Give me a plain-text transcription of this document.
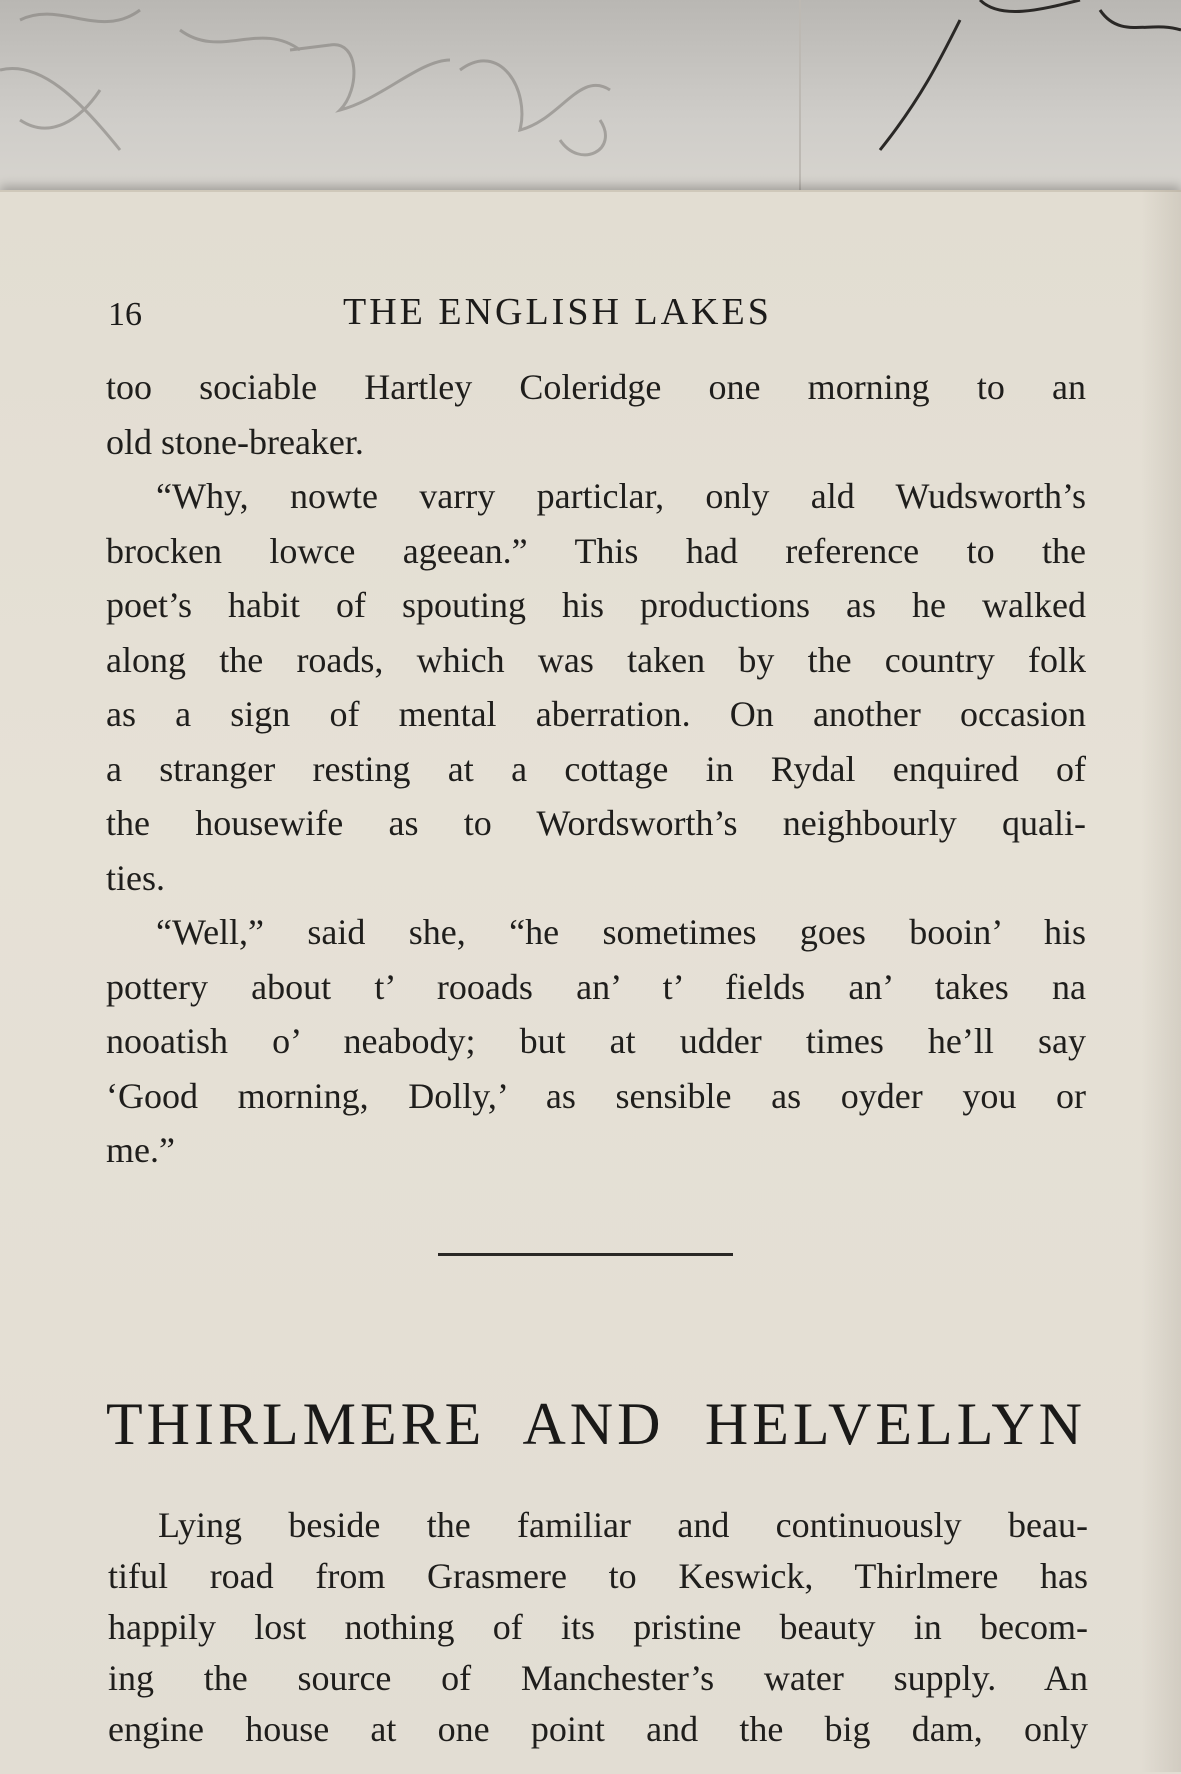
16	THE ENGLISH LAKES
too sociable Hartley Coleridge one morning to an
old stone-breaker.
“Why, nowte varry particlar, only ald Wudsworth’s
brocken lowce ageean.” This had reference to the
poet’s habit of spouting his productions as he walked
along the roads, which was taken by the country folk
as a sign of mental aberration. On another occasion
a stranger resting at a cottage in Rydal enquired of
the housewife as to Wordsworth’s neighbourly quali-
ties.
“Well,” said she, “he sometimes goes booin’ his
pottery about t’ rooads an’ t’ fields an’ takes na
nooatish o’ neabody; but at udder times he’ll say
‘Good morning, Dolly,’ as sensible as oyder you or
me.”
THIRLMERE AND HELVELLYN
Lying beside the familiar and continuously beau-
tiful road from Grasmere to Keswick, Thirlmere has
happily lost nothing of its pristine beauty in becom-
ing the source of Manchester’s water supply. An
engine house at one point and the big dam, only
